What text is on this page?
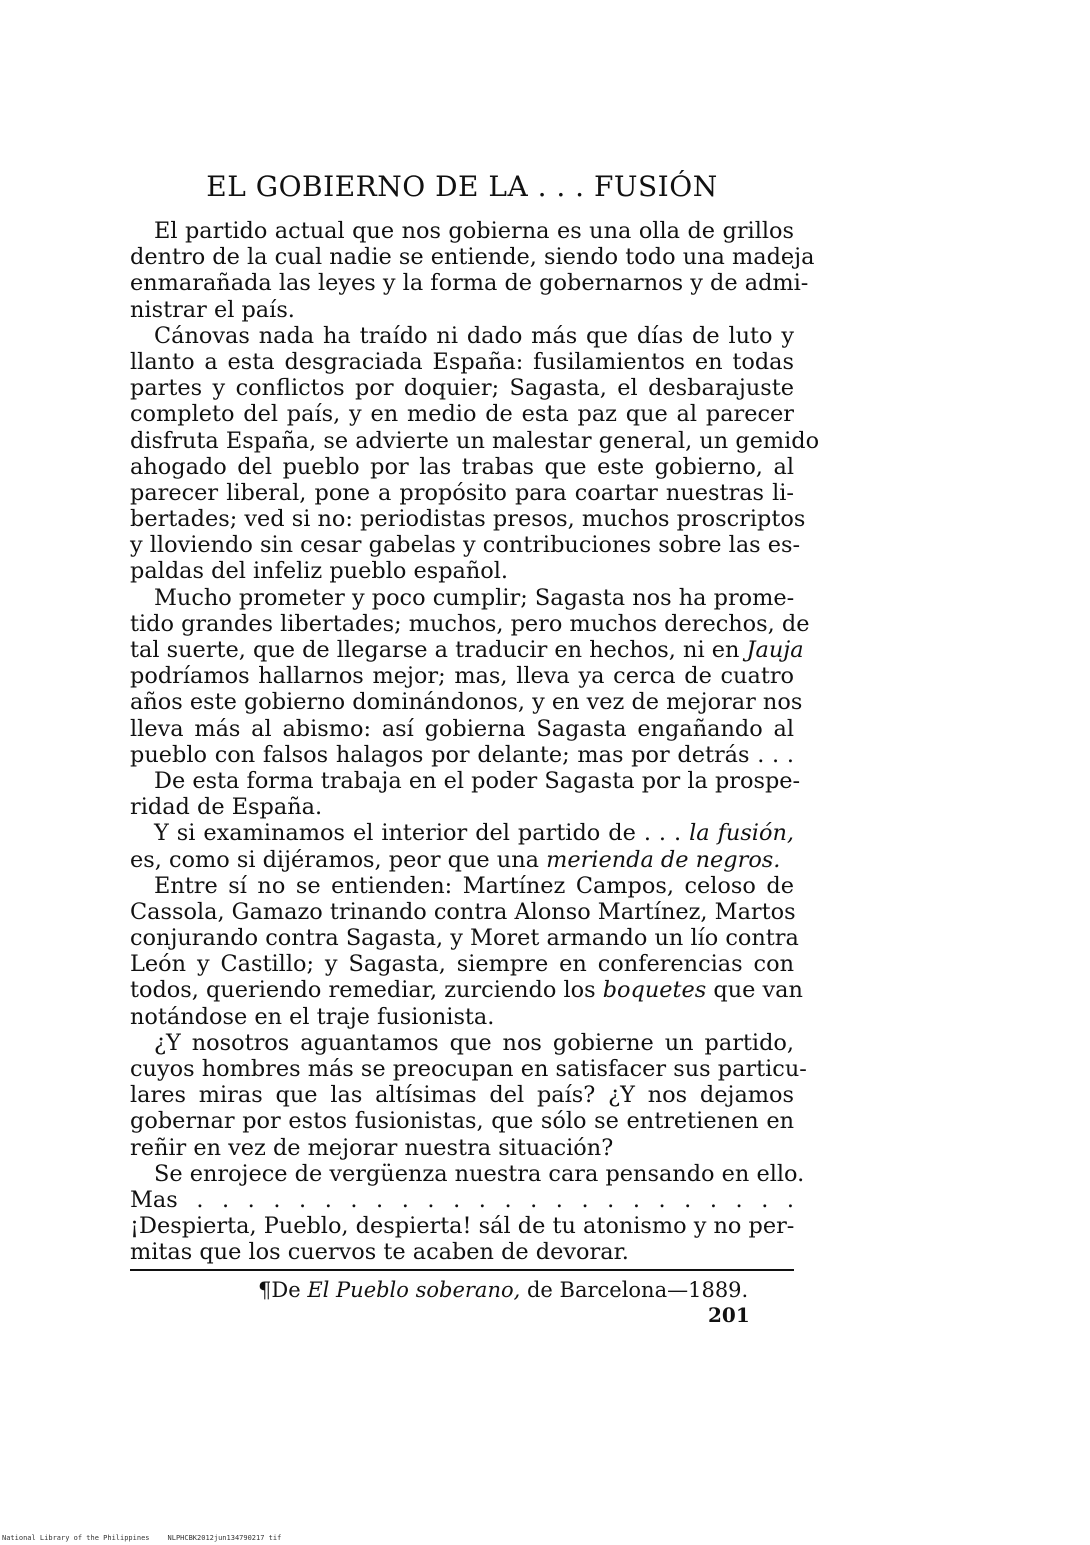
EL GOBIERNO DE LA . . . FUSIÓN
El partido actual que nos gobierna es una olla de grillos
dentro de la cual nadie se entiende, siendo todo una madeja
enmarañada las leyes y la forma de gobernarnos y de admi-
nistrar el país.
Cánovas nada ha traído ni dado más que días de luto y
llanto a esta desgraciada España: fusilamientos en todas
partes y conflictos por doquier; Sagasta, el desbarajuste
completo del país, y en medio de esta paz que al parecer
disfruta España, se advierte un malestar general, un gemido
ahogado del pueblo por las trabas que este gobierno, al
parecer liberal, pone a propósito para coartar nuestras li-
bertades; ved si no: periodistas presos, muchos proscriptos
y lloviendo sin cesar gabelas y contribuciones sobre las es-
paldas del infeliz pueblo español.
Mucho prometer y poco cumplir; Sagasta nos ha prome-
tido grandes libertades; muchos, pero muchos derechos, de
tal suerte, que de llegarse a traducir en hechos, ni en Jauja
podríamos hallarnos mejor; mas, lleva ya cerca de cuatro
años este gobierno dominándonos, y en vez de mejorar nos
lleva más al abismo: así gobierna Sagasta engañando al
pueblo con falsos halagos por delante; mas por detrás . . .
De esta forma trabaja en el poder Sagasta por la prospe-
ridad de España.
Y si examinamos el interior del partido de . . . la fusión,
es, como si dijéramos, peor que una merienda de negros.
Entre sí no se entienden: Martínez Campos, celoso de
Cassola, Gamazo trinando contra Alonso Martínez, Martos
conjurando contra Sagasta, y Moret armando un lío contra
León y Castillo; y Sagasta, siempre en conferencias con
todos, queriendo remediar, zurciendo los boquetes que van
notándose en el traje fusionista.
¿Y nosotros aguantamos que nos gobierne un partido,
cuyos hombres más se preocupan en satisfacer sus particu-
lares miras que las altísimas del país? ¿Y nos dejamos
gobernar por estos fusionistas, que sólo se entretienen en
reñir en vez de mejorar nuestra situación?
Se enrojece de vergüenza nuestra cara pensando en ello.
Mas . . . . . . . . . . . . . . . . . . . . . . . .
¡Despierta, Pueblo, despierta! sál de tu atonismo y no per-
mitas que los cuervos te acaben de devorar.
¶De El Pueblo soberano, de Barcelona—1889.
201
National Library of the Philippines	NLPHCBK2012jun134790217 tif
